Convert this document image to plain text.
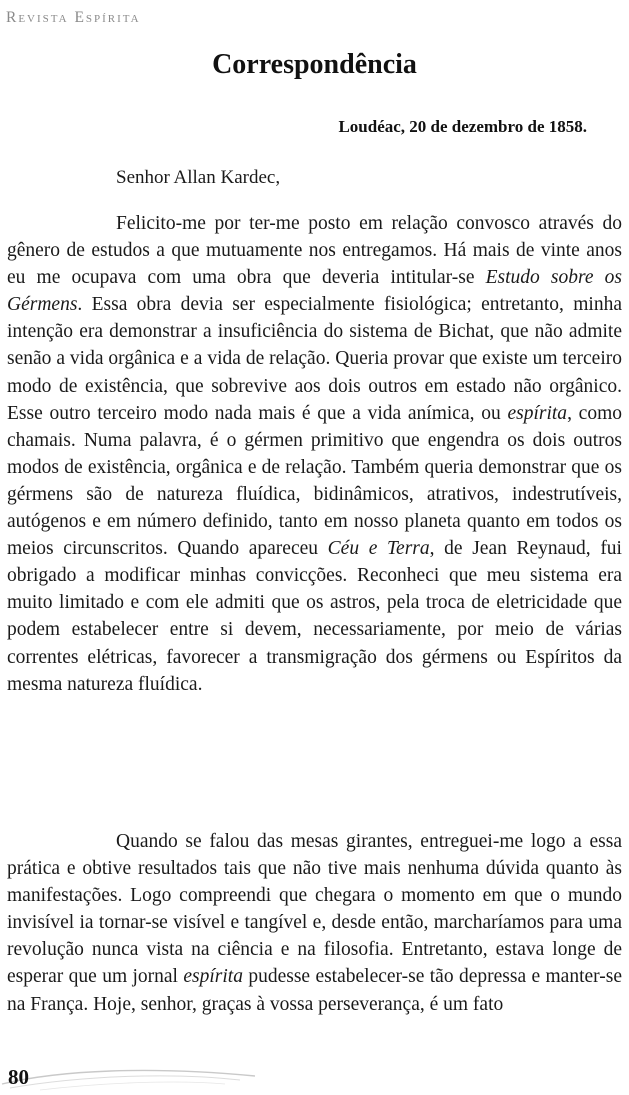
Revista Espírita
Correspondência

Loudéac, 20 de dezembro de 1858.

Senhor Allan Kardec,

Felicito-me por ter-me posto em relação convosco através do gênero de estudos a que mutuamente nos entregamos. Há mais de vinte anos eu me ocupava com uma obra que deveria intitular-se Estudo sobre os Gérmens. Essa obra devia ser especialmente fisiológica; entretanto, minha intenção era demonstrar a insuficiência do sistema de Bichat, que não admite senão a vida orgânica e a vida de relação. Queria provar que existe um terceiro modo de existência, que sobrevive aos dois outros em estado não orgânico. Esse outro terceiro modo nada mais é que a vida anímica, ou espírita, como chamais. Numa palavra, é o gérmen primitivo que engendra os dois outros modos de existência, orgânica e de relação. Também queria demonstrar que os gérmens são de natureza fluídica, bidinâmicos, atrativos, indestrutíveis, autógenos e em número definido, tanto em nosso planeta quanto em todos os meios circunscritos. Quando apareceu Céu e Terra, de Jean Reynaud, fui obrigado a modificar minhas convicções. Reconheci que meu sistema era muito limitado e com ele admiti que os astros, pela troca de eletricidade que podem estabelecer entre si devem, necessariamente, por meio de várias correntes elétricas, favorecer a transmigração dos gérmens ou Espíritos da mesma natureza fluídica.

Quando se falou das mesas girantes, entreguei-me logo a essa prática e obtive resultados tais que não tive mais nenhuma dúvida quanto às manifestações. Logo compreendi que chegara o momento em que o mundo invisível ia tornar-se visível e tangível e, desde então, marcharíamos para uma revolução nunca vista na ciência e na filosofia. Entretanto, estava longe de esperar que um jornal espírita pudesse estabelecer-se tão depressa e manter-se na França. Hoje, senhor, graças à vossa perseverança, é um fato

80
